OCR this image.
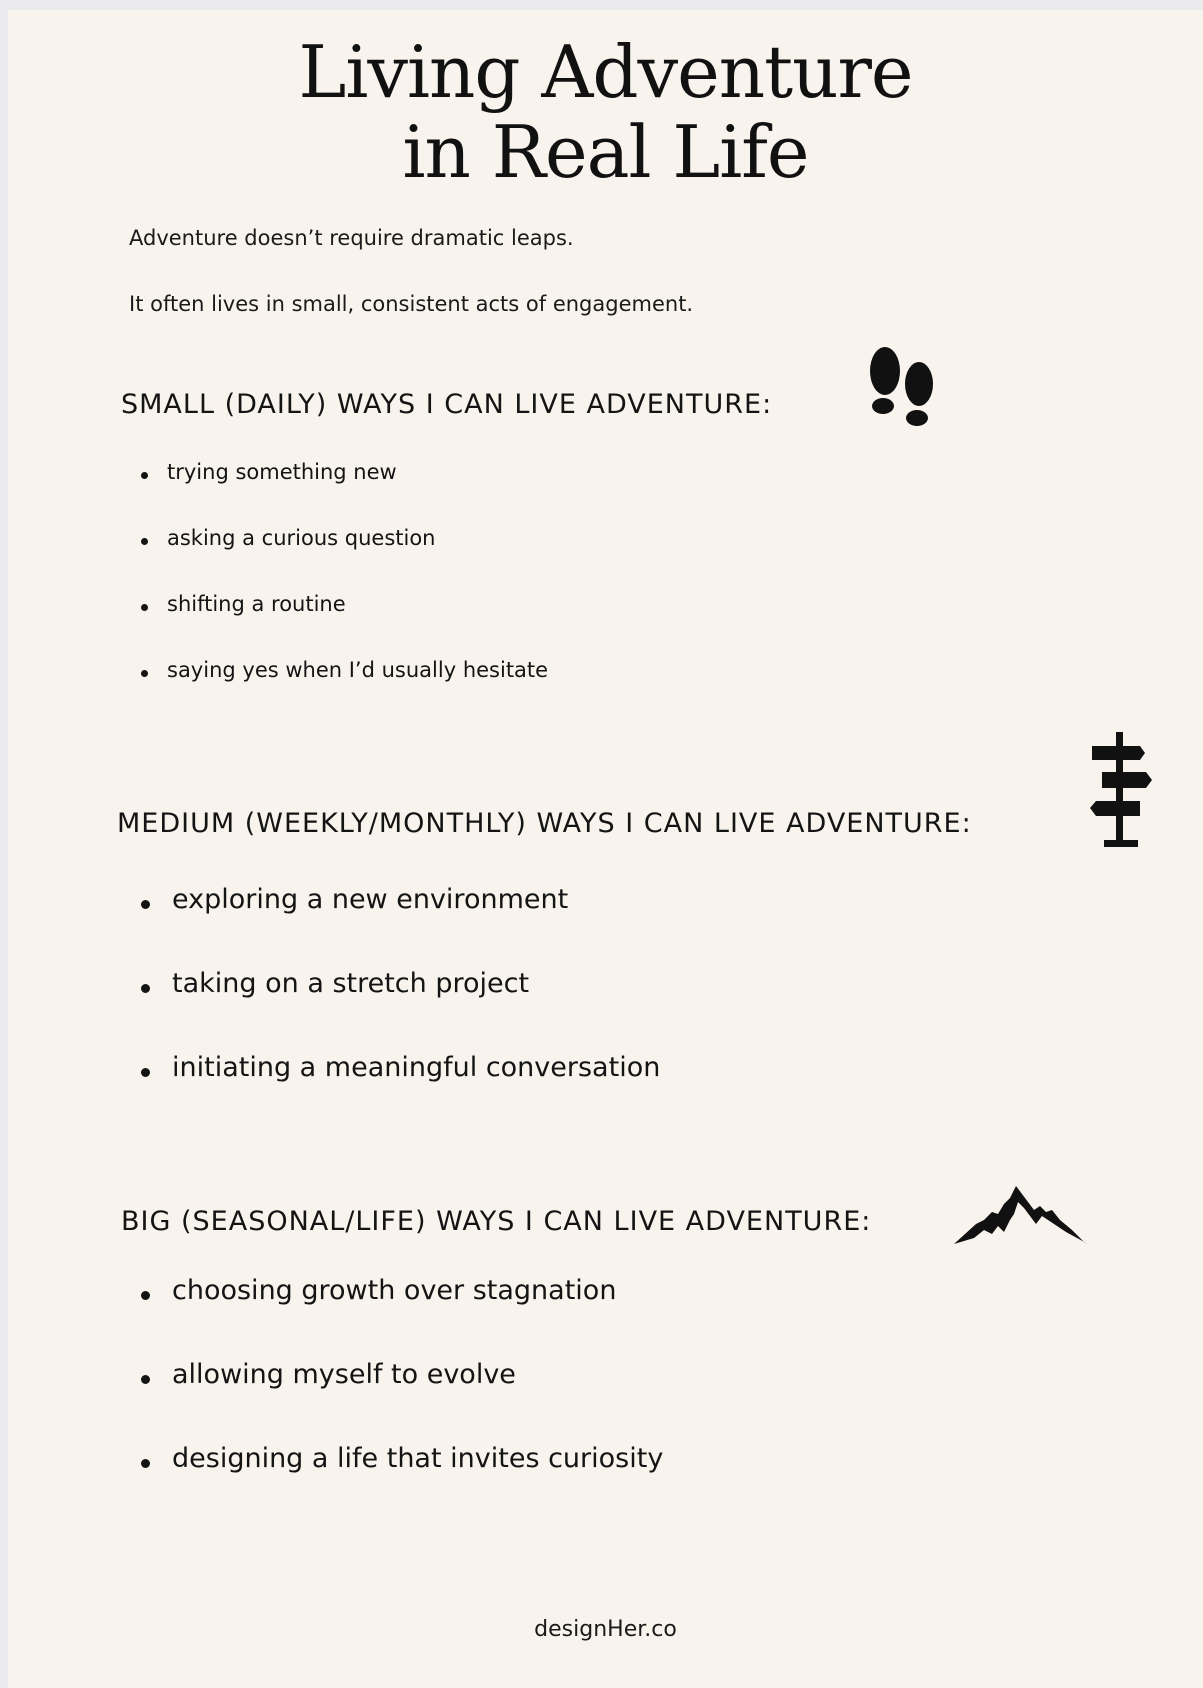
Living Adventure
in Real Life

Adventure doesn’t require dramatic leaps.

It often lives in small, consistent acts of engagement.

SMALL (DAILY) WAYS I CAN LIVE ADVENTURE:
trying something new
asking a curious question
shifting a routine
saying yes when I’d usually hesitate
MEDIUM (WEEKLY/MONTHLY) WAYS I CAN LIVE ADVENTURE:
exploring a new environment
taking on a stretch project
initiating a meaningful conversation
BIG (SEASONAL/LIFE) WAYS I CAN LIVE ADVENTURE:
choosing growth over stagnation
allowing myself to evolve
designing a life that invites curiosity

designHer.co
